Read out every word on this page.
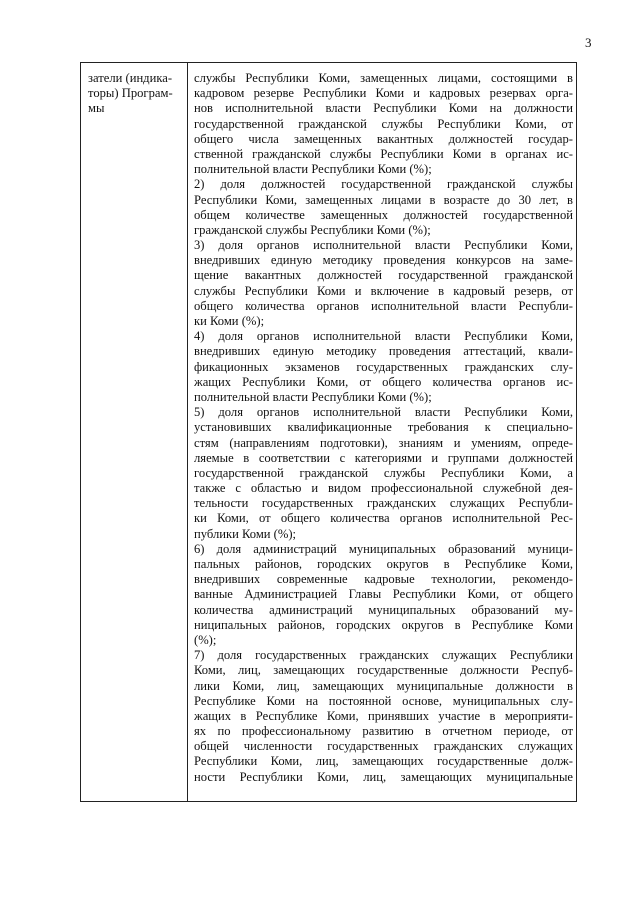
3
затели (индика-
торы) Програм-
мы
службы Республики Коми, замещенных лицами, состоящими в
кадровом резерве Республики Коми и кадровых резервах орга-
нов исполнительной власти Республики Коми на должности
государственной гражданской службы Республики Коми, от
общего числа замещенных вакантных должностей государ-
ственной гражданской службы Республики Коми в органах ис-
полнительной власти Республики Коми (%);
2) доля должностей государственной гражданской службы
Республики Коми, замещенных лицами в возрасте до 30 лет, в
общем количестве замещенных должностей государственной
гражданской службы Республики Коми (%);
3) доля органов исполнительной власти Республики Коми,
внедривших единую методику проведения конкурсов на заме-
щение вакантных должностей государственной гражданской
службы Республики Коми и включение в кадровый резерв, от
общего количества органов исполнительной власти Республи-
ки Коми (%);
4) доля органов исполнительной власти Республики Коми,
внедривших единую методику проведения аттестаций, квали-
фикационных экзаменов государственных гражданских слу-
жащих Республики Коми, от общего количества органов ис-
полнительной власти Республики Коми (%);
5) доля органов исполнительной власти Республики Коми,
установивших квалификационные требования к специально-
стям (направлениям подготовки), знаниям и умениям, опреде-
ляемые в соответствии с категориями и группами должностей
государственной гражданской службы Республики Коми, а
также с областью и видом профессиональной служебной дея-
тельности государственных гражданских служащих Республи-
ки Коми, от общего количества органов исполнительной Рес-
публики Коми (%);
6) доля администраций муниципальных образований муници-
пальных районов, городских округов в Республике Коми,
внедривших современные кадровые технологии, рекомендо-
ванные Администрацией Главы Республики Коми, от общего
количества администраций муниципальных образований му-
ниципальных районов, городских округов в Республике Коми
(%);
7) доля государственных гражданских служащих Республики
Коми, лиц, замещающих государственные должности Респуб-
лики Коми, лиц, замещающих муниципальные должности в
Республике Коми на постоянной основе, муниципальных слу-
жащих в Республике Коми, принявших участие в мероприяти-
ях по профессиональному развитию в отчетном периоде, от
общей численности государственных гражданских служащих
Республики Коми, лиц, замещающих государственные долж-
ности Республики Коми, лиц, замещающих муниципальные
